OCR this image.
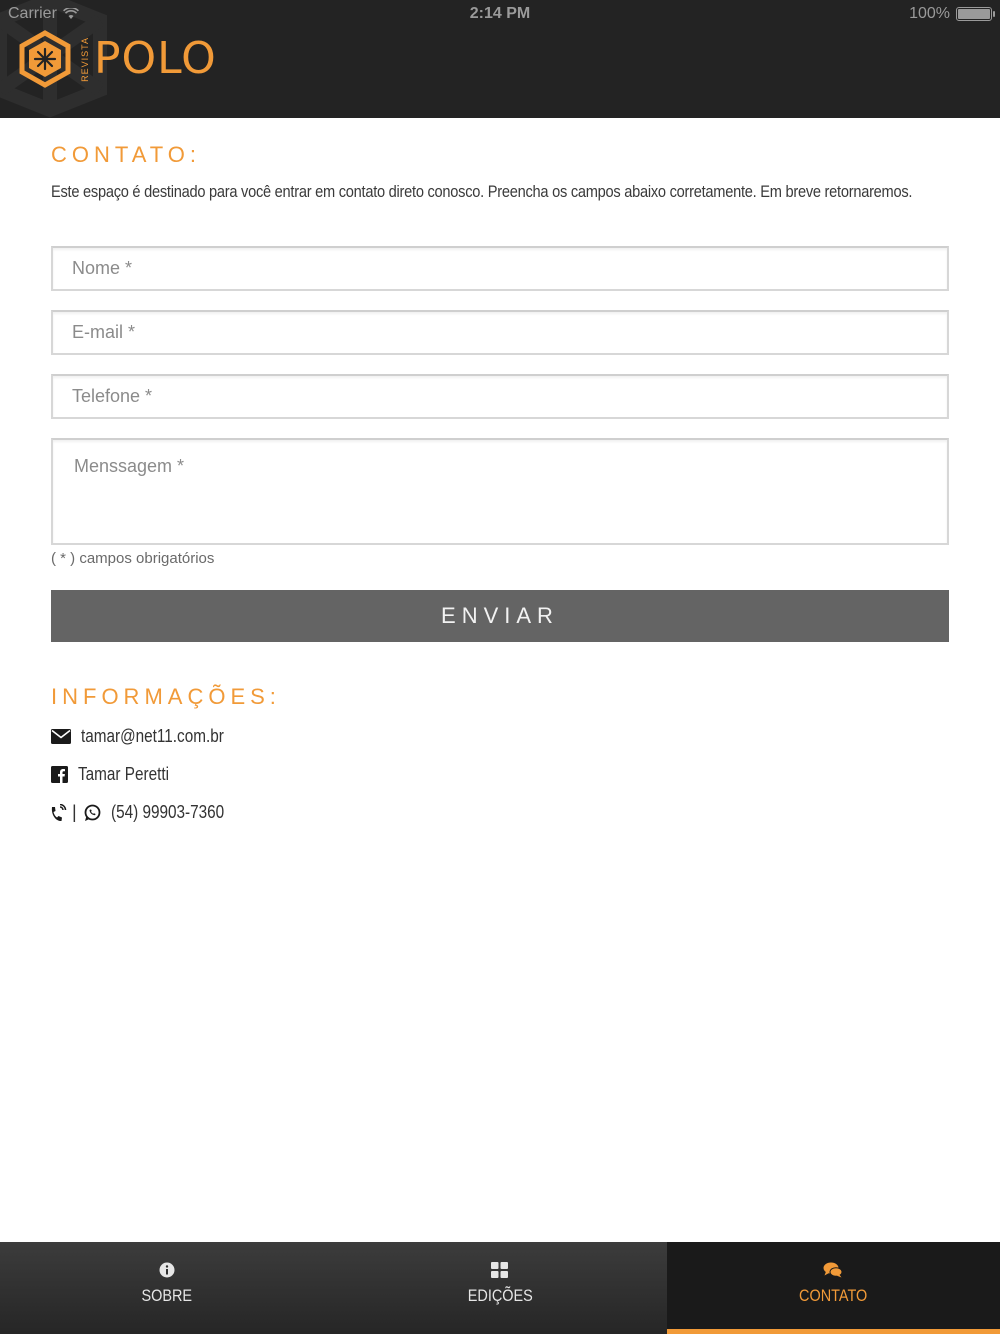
Carrier	2:14 PM	100%
REVISTA POLO
CONTATO:

Este espaço é destinado para você entrar em contato direto conosco. Preencha os campos abaixo corretamente. Em breve retornaremos.

Nome *
E-mail *
Telefone *
Menssagem *
( * ) campos obrigatórios
ENVIAR
INFORMAÇÕES:
tamar@net11.com.br
Tamar Peretti
| (54) 99903-7360
SOBRE	EDIÇÕES	CONTATO
